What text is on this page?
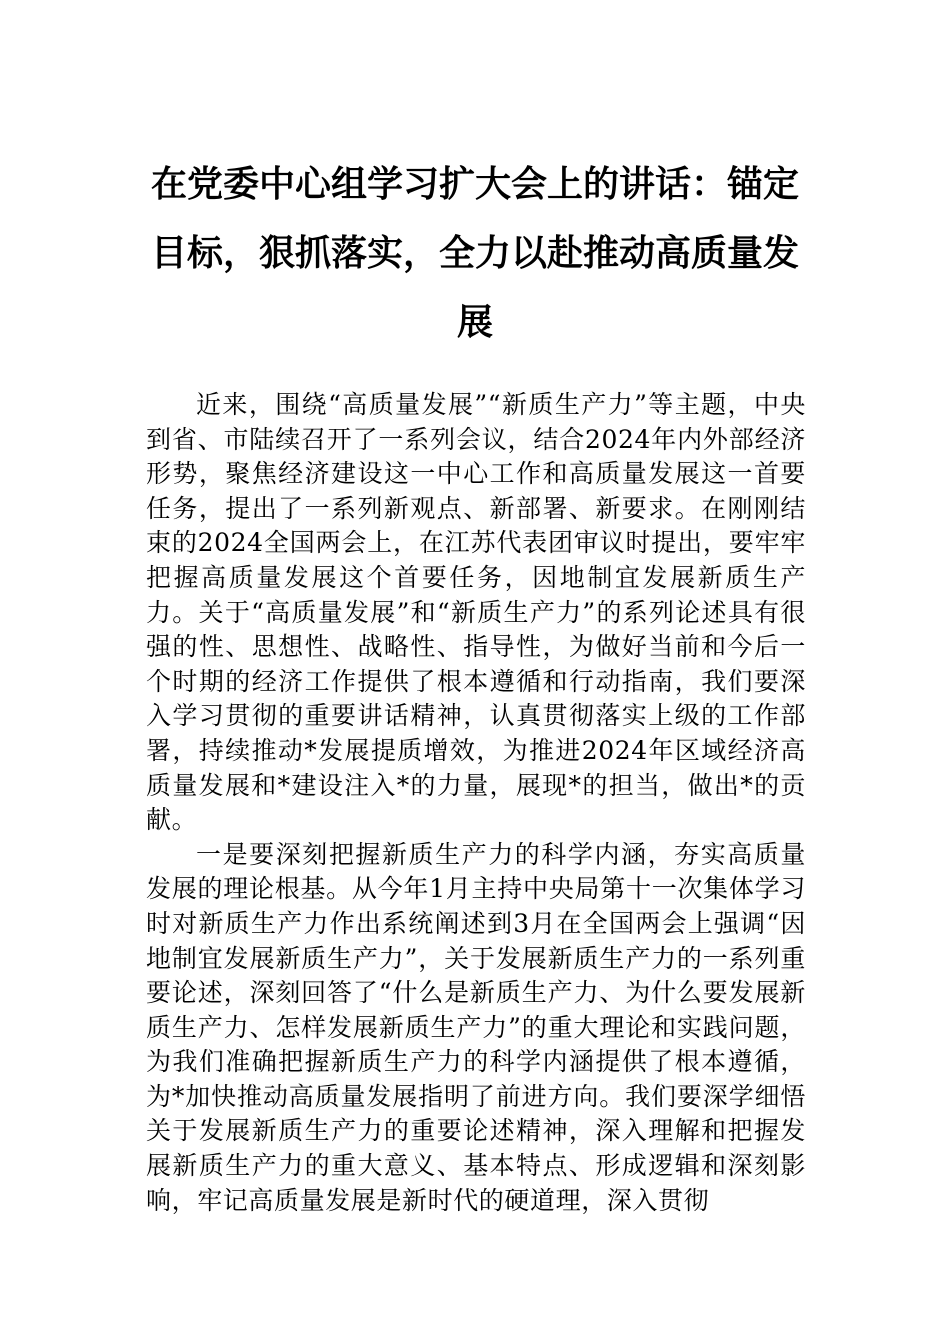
在党委中心组学习扩大会上的讲话：锚定目标，狠抓落实，全力以赴推动高质量发展

近来，围绕“高质量发展”“新质生产力”等主题，中央到省、市陆续召开了一系列会议，结合2024年内外部经济形势，聚焦经济建设这一中心工作和高质量发展这一首要任务，提出了一系列新观点、新部署、新要求。在刚刚结束的2024全国两会上，在江苏代表团审议时提出，要牢牢把握高质量发展这个首要任务，因地制宜发展新质生产力。关于“高质量发展”和“新质生产力”的系列论述具有很强的性、思想性、战略性、指导性，为做好当前和今后一个时期的经济工作提供了根本遵循和行动指南，我们要深入学习贯彻的重要讲话精神，认真贯彻落实上级的工作部署，持续推动*发展提质增效，为推进2024年区域经济高质量发展和*建设注入*的力量，展现*的担当，做出*的贡献。

一是要深刻把握新质生产力的科学内涵，夯实高质量发展的理论根基。从今年1月主持中央局第十一次集体学习时对新质生产力作出系统阐述到3月在全国两会上强调“因地制宜发展新质生产力”，关于发展新质生产力的一系列重要论述，深刻回答了“什么是新质生产力、为什么要发展新质生产力、怎样发展新质生产力”的重大理论和实践问题，为我们准确把握新质生产力的科学内涵提供了根本遵循，为*加快推动高质量发展指明了前进方向。我们要深学细悟关于发展新质生产力的重要论述精神，深入理解和把握发展新质生产力的重大意义、基本特点、形成逻辑和深刻影响，牢记高质量发展是新时代的硬道理，深入贯彻
